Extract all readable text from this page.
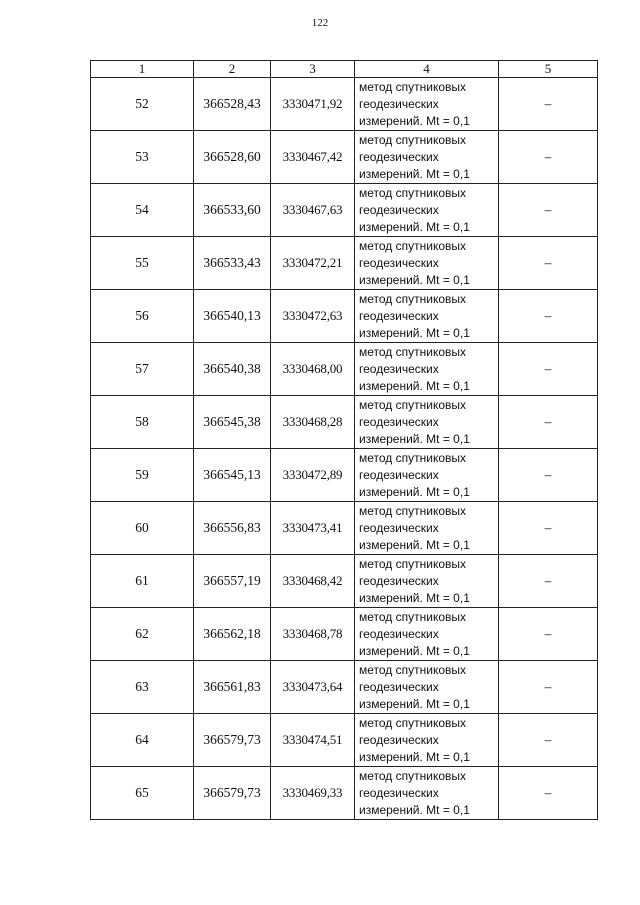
122
1	2	3	4	5
52	366528,43	3330471,92	метод спутниковых
геодезических
измерений. Mt = 0,1	–
53	366528,60	3330467,42	метод спутниковых
геодезических
измерений. Mt = 0,1	–
54	366533,60	3330467,63	метод спутниковых
геодезических
измерений. Mt = 0,1	–
55	366533,43	3330472,21	метод спутниковых
геодезических
измерений. Mt = 0,1	–
56	366540,13	3330472,63	метод спутниковых
геодезических
измерений. Mt = 0,1	–
57	366540,38	3330468,00	метод спутниковых
геодезических
измерений. Mt = 0,1	–
58	366545,38	3330468,28	метод спутниковых
геодезических
измерений. Mt = 0,1	–
59	366545,13	3330472,89	метод спутниковых
геодезических
измерений. Mt = 0,1	–
60	366556,83	3330473,41	метод спутниковых
геодезических
измерений. Mt = 0,1	–
61	366557,19	3330468,42	метод спутниковых
геодезических
измерений. Mt = 0,1	–
62	366562,18	3330468,78	метод спутниковых
геодезических
измерений. Mt = 0,1	–
63	366561,83	3330473,64	метод спутниковых
геодезических
измерений. Mt = 0,1	–
64	366579,73	3330474,51	метод спутниковых
геодезических
измерений. Mt = 0,1	–
65	366579,73	3330469,33	метод спутниковых
геодезических
измерений. Mt = 0,1	–
